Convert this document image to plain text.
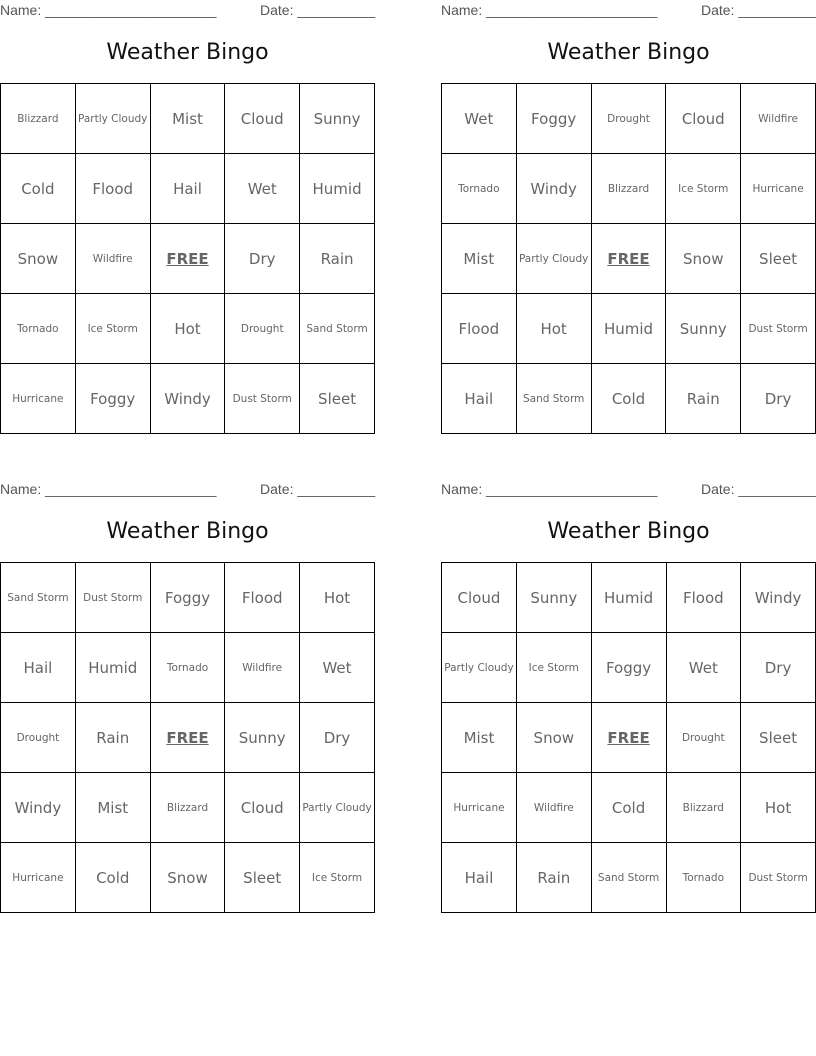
Name: ______________________	Date: __________
Weather Bingo
Blizzard	Partly Cloudy	Mist	Cloud	Sunny
Cold	Flood	Hail	Wet	Humid
Snow	Wildfire	FREE	Dry	Rain
Tornado	Ice Storm	Hot	Drought	Sand Storm
Hurricane	Foggy	Windy	Dust Storm	Sleet
Name: ______________________	Date: __________
Weather Bingo
Wet	Foggy	Drought	Cloud	Wildfire
Tornado	Windy	Blizzard	Ice Storm	Hurricane
Mist	Partly Cloudy	FREE	Snow	Sleet
Flood	Hot	Humid	Sunny	Dust Storm
Hail	Sand Storm	Cold	Rain	Dry
Name: ______________________	Date: __________
Weather Bingo
Sand Storm	Dust Storm	Foggy	Flood	Hot
Hail	Humid	Tornado	Wildfire	Wet
Drought	Rain	FREE	Sunny	Dry
Windy	Mist	Blizzard	Cloud	Partly Cloudy
Hurricane	Cold	Snow	Sleet	Ice Storm
Name: ______________________	Date: __________
Weather Bingo
Cloud	Sunny	Humid	Flood	Windy
Partly Cloudy	Ice Storm	Foggy	Wet	Dry
Mist	Snow	FREE	Drought	Sleet
Hurricane	Wildfire	Cold	Blizzard	Hot
Hail	Rain	Sand Storm	Tornado	Dust Storm
